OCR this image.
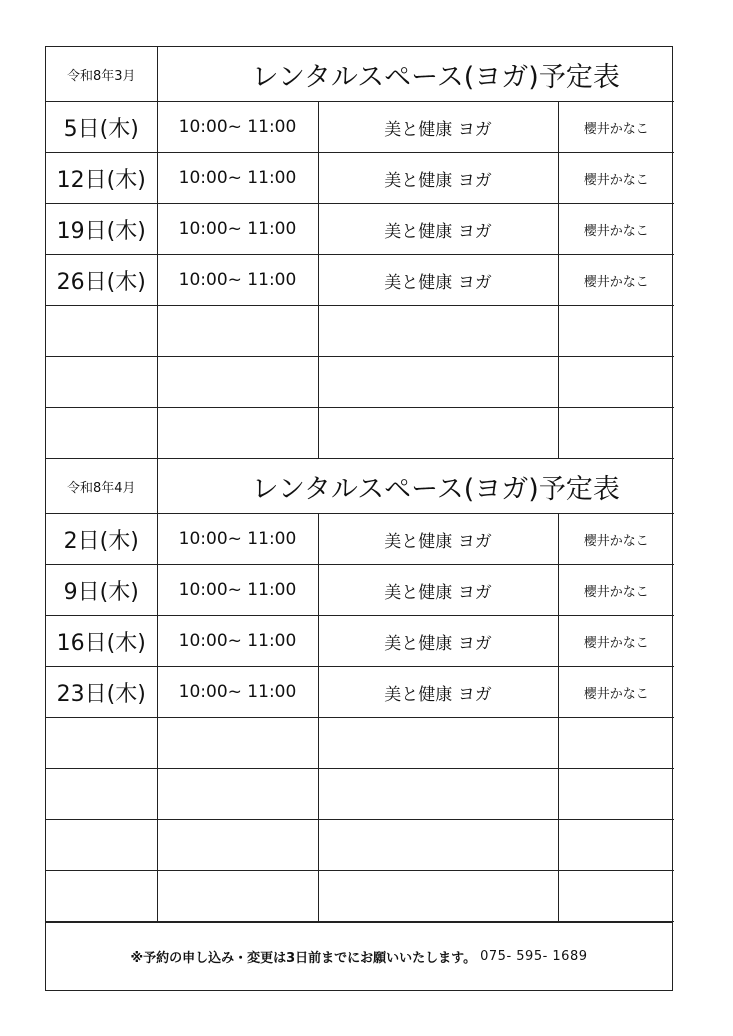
令和8年3月	レンタルスペース(ヨガ)予定表		
5日(木)	10:00~ 11:00	美と健康 ヨガ	櫻井かなこ
12日(木)	10:00~ 11:00	美と健康 ヨガ	櫻井かなこ
19日(木)	10:00~ 11:00	美と健康 ヨガ	櫻井かなこ
26日(木)	10:00~ 11:00	美と健康 ヨガ	櫻井かなこ

令和8年4月	レンタルスペース(ヨガ)予定表		
2日(木)	10:00~ 11:00	美と健康 ヨガ	櫻井かなこ
9日(木)	10:00~ 11:00	美と健康 ヨガ	櫻井かなこ
16日(木)	10:00~ 11:00	美と健康 ヨガ	櫻井かなこ
23日(木)	10:00~ 11:00	美と健康 ヨガ	櫻井かなこ

※予約の申し込み・変更は3日前までにお願いいたします。 075- 595- 1689
